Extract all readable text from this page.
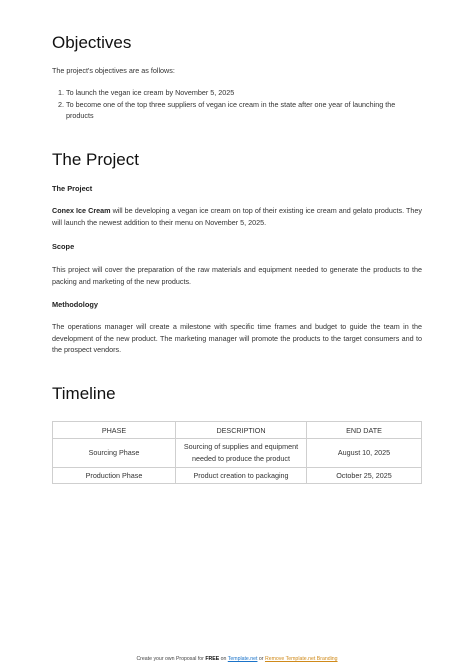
Objectives

The project's objectives are as follows:

1. To launch the vegan ice cream by November 5, 2025
2. To become one of the top three suppliers of vegan ice cream in the state after one year of launching the products
The Project

The Project

Conex Ice Cream will be developing a vegan ice cream on top of their existing ice cream and gelato products. They will launch the newest addition to their menu on November 5, 2025.

Scope

This project will cover the preparation of the raw materials and equipment needed to generate the products to the packing and marketing of the new products.

Methodology

The operations manager will create a milestone with specific time frames and budget to guide the team in the development of the new product. The marketing manager will promote the products to the target consumers and to the prospect vendors.

Timeline
PHASE	DESCRIPTION	END DATE
Sourcing Phase	Sourcing of supplies and equipment needed to produce the product	August 10, 2025
Production Phase	Product creation to packaging	October 25, 2025
Create your own Proposal for FREE on Template.net or Remove Template.net Branding
